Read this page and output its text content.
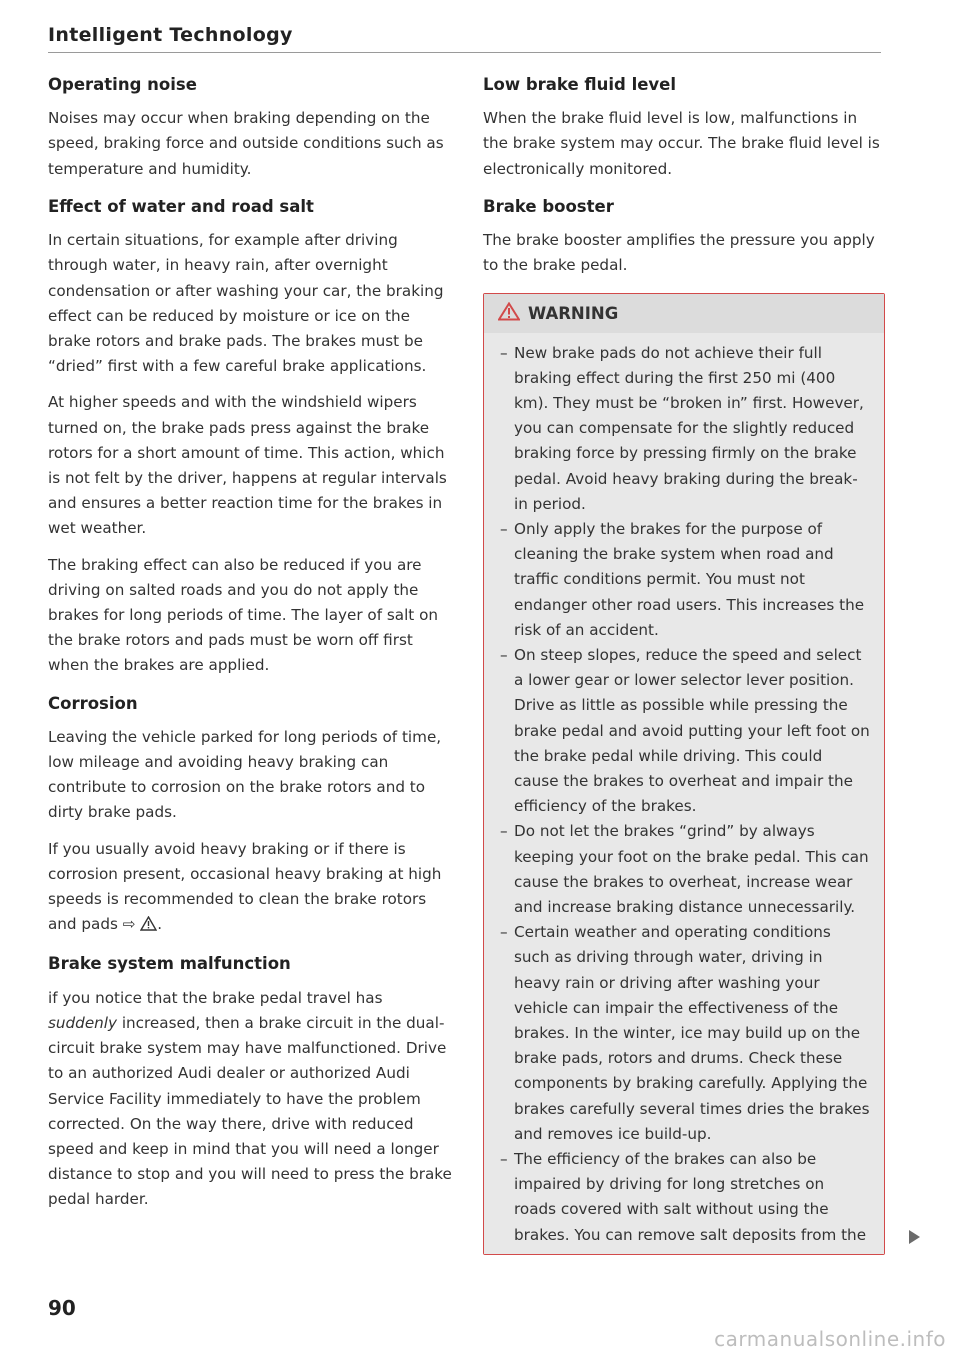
Intelligent Technology
Operating noise

Noises may occur when braking depending on the speed, braking force and outside conditions such as temperature and humidity.

Effect of water and road salt

In certain situations, for example after driving through water, in heavy rain, after overnight condensation or after washing your car, the braking effect can be reduced by moisture or ice on the brake rotors and brake pads. The brakes must be “dried” first with a few careful brake applications.

At higher speeds and with the windshield wipers turned on, the brake pads press against the brake rotors for a short amount of time. This action, which is not felt by the driver, happens at regular intervals and ensures a better reaction time for the brakes in wet weather.

The braking effect can also be reduced if you are driving on salted roads and you do not apply the brakes for long periods of time. The layer of salt on the brake rotors and pads must be worn off first when the brakes are applied.

Corrosion

Leaving the vehicle parked for long periods of time, low mileage and avoiding heavy braking can contribute to corrosion on the brake rotors and to dirty brake pads.

If you usually avoid heavy braking or if there is corrosion present, occasional heavy braking at high speeds is recommended to clean the brake rotors and pads ⇨ .

Brake system malfunction

if you notice that the brake pedal travel has suddenly increased, then a brake circuit in the dual-circuit brake system may have malfunctioned. Drive to an authorized Audi dealer or authorized Audi Service Facility immediately to have the problem corrected. On the way there, drive with reduced speed and keep in mind that you will need a longer distance to stop and you will need to press the brake pedal harder.

Low brake fluid level

When the brake fluid level is low, malfunctions in the brake system may occur. The brake fluid level is electronically monitored.

Brake booster

The brake booster amplifies the pressure you apply to the brake pedal.

WARNING
– New brake pads do not achieve their full braking effect during the first 250 mi (400 km). They must be “broken in” first. However, you can compensate for the slightly reduced braking force by pressing firmly on the brake pedal. Avoid heavy braking during the break-in period.
– Only apply the brakes for the purpose of cleaning the brake system when road and traffic conditions permit. You must not endanger other road users. This increases the risk of an accident.
– On steep slopes, reduce the speed and select a lower gear or lower selector lever position. Drive as little as possible while pressing the brake pedal and avoid putting your left foot on the brake pedal while driving. This could cause the brakes to overheat and impair the efficiency of the brakes.
– Do not let the brakes “grind” by always keeping your foot on the brake pedal. This can cause the brakes to overheat, increase wear and increase braking distance unnecessarily.
– Certain weather and operating conditions such as driving through water, driving in heavy rain or driving after washing your vehicle can impair the effectiveness of the brakes. In the winter, ice may build up on the brake pads, rotors and drums. Check these components by braking carefully. Applying the brakes carefully several times dries the brakes and removes ice build-up.
– The efficiency of the brakes can also be impaired by driving for long stretches on roads covered with salt without using the brakes. You can remove salt deposits from the
90
carmanualsonline.info
